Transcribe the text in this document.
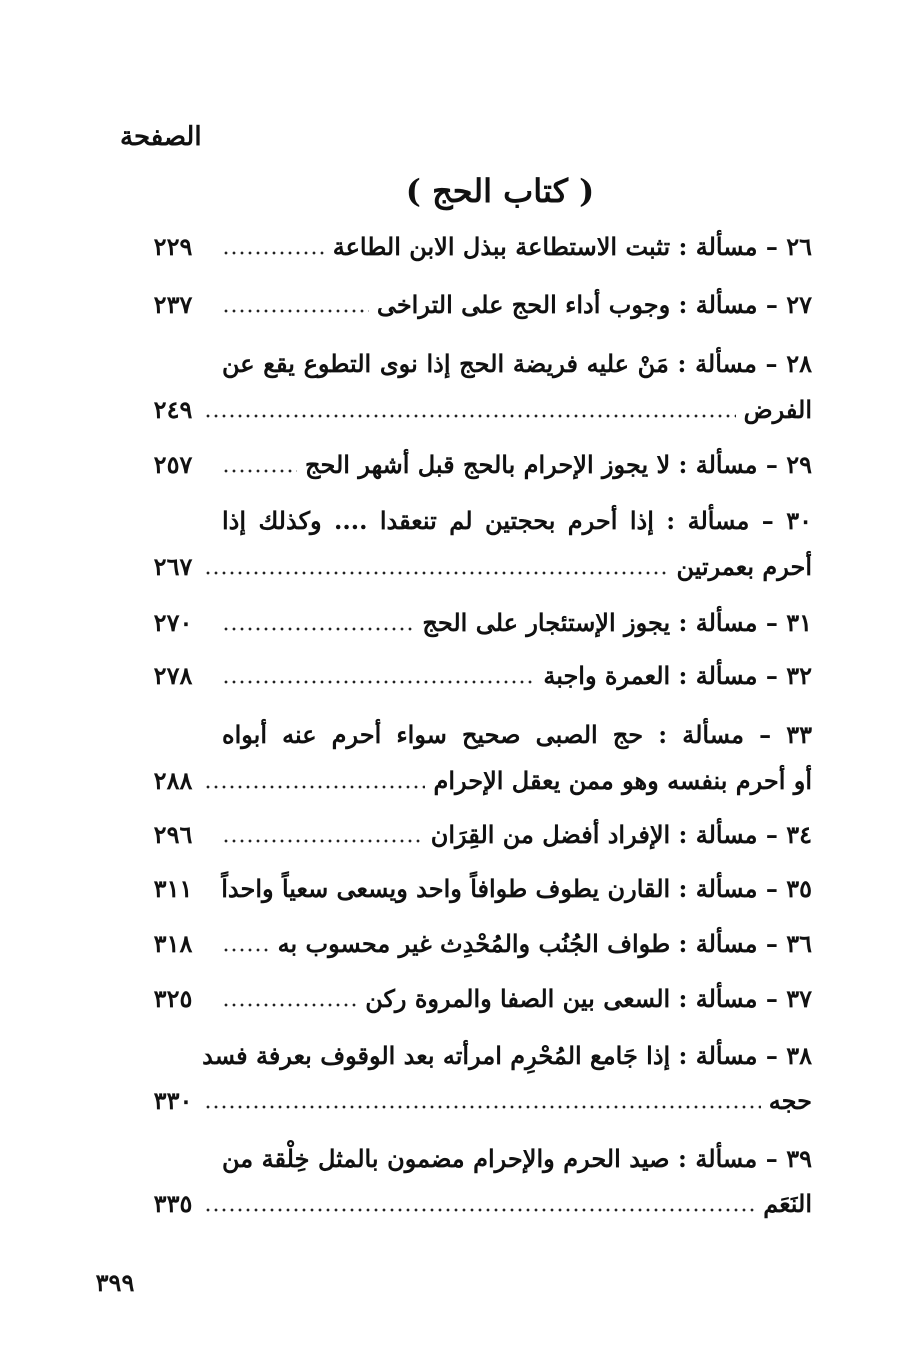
الصفحة
( كتاب الحج )
٢٦ – مسألة : تثبت الاستطاعة ببذل الابن الطاعة
٢٢٩
٢٧ – مسألة : وجوب أداء الحج على التراخى
٢٣٧
٢٨ – مسألة : مَنْ عليه فريضة الحج إذا نوى التطوع يقع عن
الفرض
٢٤٩
٢٩ – مسألة : لا يجوز الإحرام بالحج قبل أشهر الحج
٢٥٧
٣٠ – مسألة : إذا أحرم بحجتين لم تنعقدا .... وكذلك إذا
أحرم بعمرتين
٢٦٧
٣١ – مسألة : يجوز الإستئجار على الحج
٢٧٠
٣٢ – مسألة : العمرة واجبة
٢٧٨
٣٣ – مسألة : حج الصبى صحيح سواء أحرم عنه أبواه
أو أحرم بنفسه وهو ممن يعقل الإحرام
٢٨٨
٣٤ – مسألة : الإفراد أفضل من القِرَان
٢٩٦
٣٥ – مسألة : القارن يطوف طوافاً واحد ويسعى سعياً واحداً
٣١١
٣٦ – مسألة : طواف الجُنُب والمُحْدِث غير محسوب به
٣١٨
٣٧ – مسألة : السعى بين الصفا والمروة ركن
٣٢٥
٣٨ – مسألة : إذا جَامع المُحْرِم امرأته بعد الوقوف بعرفة فسد
حجه
٣٣٠
٣٩ – مسألة : صيد الحرم والإحرام مضمون بالمثل خِلْقة من
النَعَم
٣٣٥
٣٩٩
